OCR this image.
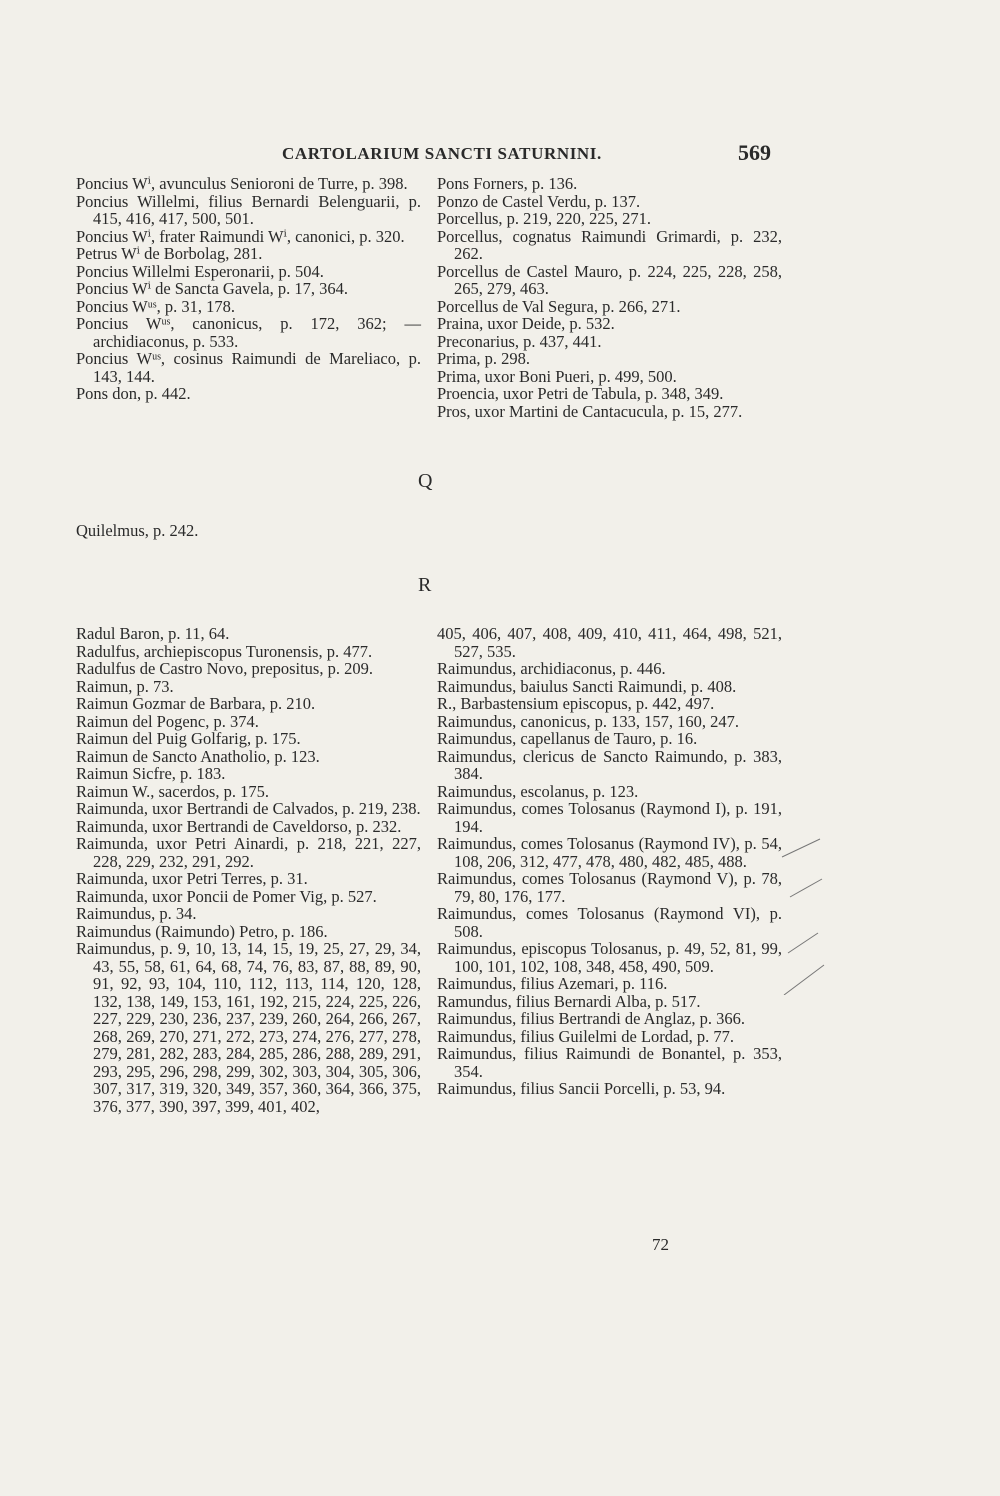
CARTOLARIUM SANCTI SATURNINI.	569

Poncius Wⁱ, avunculus Senioroni de Turre, p. 398.

Poncius Willelmi, filius Bernardi Belenguarii, p. 415, 416, 417, 500, 501.

Poncius Wⁱ, frater Raimundi Wⁱ, canonici, p. 320.

Petrus Wⁱ de Borbolag, 281.

Poncius Willelmi Esperonarii, p. 504.

Poncius Wⁱ de Sancta Gavela, p. 17, 364.

Poncius Wᵘˢ, p. 31, 178.

Poncius Wᵘˢ, canonicus, p. 172, 362; — archidiaconus, p. 533.

Poncius Wᵘˢ, cosinus Raimundi de Mareliaco, p. 143, 144.

Pons don, p. 442.

Pons Forners, p. 136.

Ponzo de Castel Verdu, p. 137.

Porcellus, p. 219, 220, 225, 271.

Porcellus, cognatus Raimundi Grimardi, p. 232, 262.

Porcellus de Castel Mauro, p. 224, 225, 228, 258, 265, 279, 463.

Porcellus de Val Segura, p. 266, 271.

Praina, uxor Deide, p. 532.

Preconarius, p. 437, 441.

Prima, p. 298.

Prima, uxor Boni Pueri, p. 499, 500.

Proencia, uxor Petri de Tabula, p. 348, 349.

Pros, uxor Martini de Cantacucula, p. 15, 277.

Q
Quilelmus, p. 242.
R

Radul Baron, p. 11, 64.

Radulfus, archiepiscopus Turonensis, p. 477.

Radulfus de Castro Novo, prepositus, p. 209.

Raimun, p. 73.

Raimun Gozmar de Barbara, p. 210.

Raimun del Pogenc, p. 374.

Raimun del Puig Golfarig, p. 175.

Raimun de Sancto Anatholio, p. 123.

Raimun Sicfre, p. 183.

Raimun W., sacerdos, p. 175.

Raimunda, uxor Bertrandi de Calvados, p. 219, 238.

Raimunda, uxor Bertrandi de Caveldorso, p. 232.

Raimunda, uxor Petri Ainardi, p. 218, 221, 227, 228, 229, 232, 291, 292.

Raimunda, uxor Petri Terres, p. 31.

Raimunda, uxor Poncii de Pomer Vig, p. 527.

Raimundus, p. 34.

Raimundus (Raimundo) Petro, p. 186.

Raimundus, p. 9, 10, 13, 14, 15, 19, 25, 27, 29, 34, 43, 55, 58, 61, 64, 68, 74, 76, 83, 87, 88, 89, 90, 91, 92, 93, 104, 110, 112, 113, 114, 120, 128, 132, 138, 149, 153, 161, 192, 215, 224, 225, 226, 227, 229, 230, 236, 237, 239, 260, 264, 266, 267, 268, 269, 270, 271, 272, 273, 274, 276, 277, 278, 279, 281, 282, 283, 284, 285, 286, 288, 289, 291, 293, 295, 296, 298, 299, 302, 303, 304, 305, 306, 307, 317, 319, 320, 349, 357, 360, 364, 366, 375, 376, 377, 390, 397, 399, 401, 402,

405, 406, 407, 408, 409, 410, 411, 464, 498, 521, 527, 535.

Raimundus, archidiaconus, p. 446.

Raimundus, baiulus Sancti Raimundi, p. 408.

R., Barbastensium episcopus, p. 442, 497.

Raimundus, canonicus, p. 133, 157, 160, 247.

Raimundus, capellanus de Tauro, p. 16.

Raimundus, clericus de Sancto Raimundo, p. 383, 384.

Raimundus, escolanus, p. 123.

Raimundus, comes Tolosanus (Raymond I), p. 191, 194.

Raimundus, comes Tolosanus (Raymond IV), p. 54, 108, 206, 312, 477, 478, 480, 482, 485, 488.

Raimundus, comes Tolosanus (Raymond V), p. 78, 79, 80, 176, 177.

Raimundus, comes Tolosanus (Raymond VI), p. 508.

Raimundus, episcopus Tolosanus, p. 49, 52, 81, 99, 100, 101, 102, 108, 348, 458, 490, 509.

Raimundus, filius Azemari, p. 116.

Ramundus, filius Bernardi Alba, p. 517.

Raimundus, filius Bertrandi de Anglaz, p. 366.

Raimundus, filius Guilelmi de Lordad, p. 77.

Raimundus, filius Raimundi de Bonantel, p. 353, 354.

Raimundus, filius Sancii Porcelli, p. 53, 94.

72
